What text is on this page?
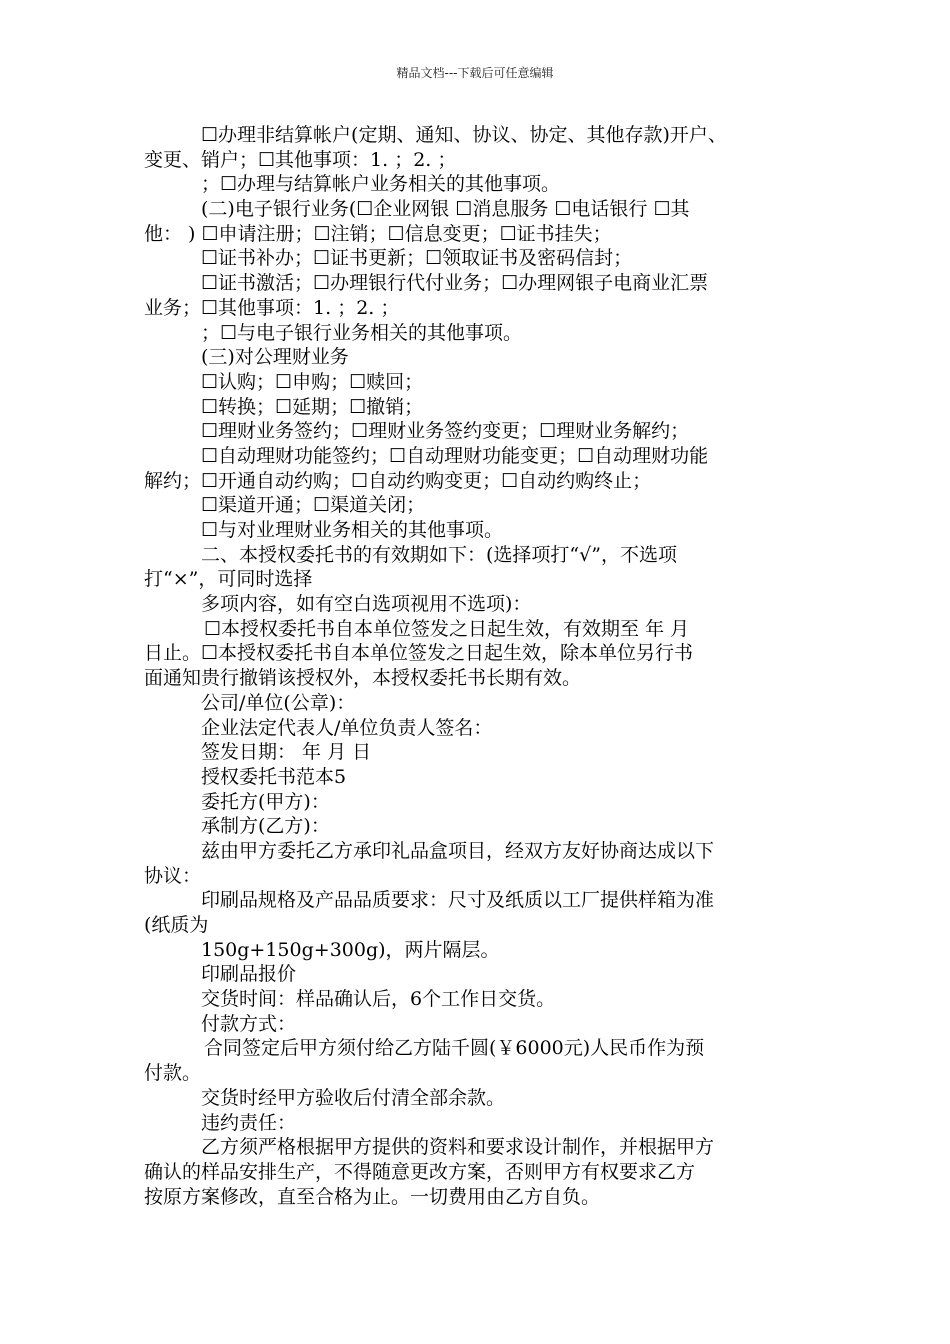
精品文档---下载后可任意编辑
☐办理非结算帐户(定期、通知、协议、协定、其他存款)开户、
变更、销户；☐其他事项：1. ；2. ；
；☐办理与结算帐户业务相关的其他事项。
(二)电子银行业务(☐企业网银 ☐消息服务 ☐电话银行 ☐其
他： ) ☐申请注册；☐注销；☐信息变更；☐证书挂失；
☐证书补办；☐证书更新；☐领取证书及密码信封；
☐证书激活；☐办理银行代付业务；☐办理网银子电商业汇票
业务；☐其他事项：1. ；2. ；
；☐与电子银行业务相关的其他事项。
(三)对公理财业务
☐认购；☐申购；☐赎回；
☐转换；☐延期；☐撤销；
☐理财业务签约；☐理财业务签约变更；☐理财业务解约；
☐自动理财功能签约；☐自动理财功能变更；☐自动理财功能
解约；☐开通自动约购；☐自动约购变更；☐自动约购终止；
☐渠道开通；☐渠道关闭；
☐与对业理财业务相关的其他事项。
二、本授权委托书的有效期如下：(选择项打“√”，不选项
打“×”，可同时选择
多项内容，如有空白选项视用不选项)：
☐本授权委托书自本单位签发之日起生效，有效期至 年 月
日止。☐本授权委托书自本单位签发之日起生效，除本单位另行书
面通知贵行撤销该授权外，本授权委托书长期有效。
公司/单位(公章)：
企业法定代表人/单位负责人签名：
签发日期： 年 月 日
授权委托书范本5
委托方(甲方)：
承制方(乙方)：
兹由甲方委托乙方承印礼品盒项目，经双方友好协商达成以下
协议：
印刷品规格及产品品质要求：尺寸及纸质以工厂提供样箱为准
(纸质为
150g+150g+300g)，两片隔层。
印刷品报价
交货时间：样品确认后，6个工作日交货。
付款方式：
合同签定后甲方须付给乙方陆千圆(￥6000元)人民币作为预
付款。
交货时经甲方验收后付清全部余款。
违约责任：
乙方须严格根据甲方提供的资料和要求设计制作，并根据甲方
确认的样品安排生产，不得随意更改方案，否则甲方有权要求乙方
按原方案修改，直至合格为止。一切费用由乙方自负。
